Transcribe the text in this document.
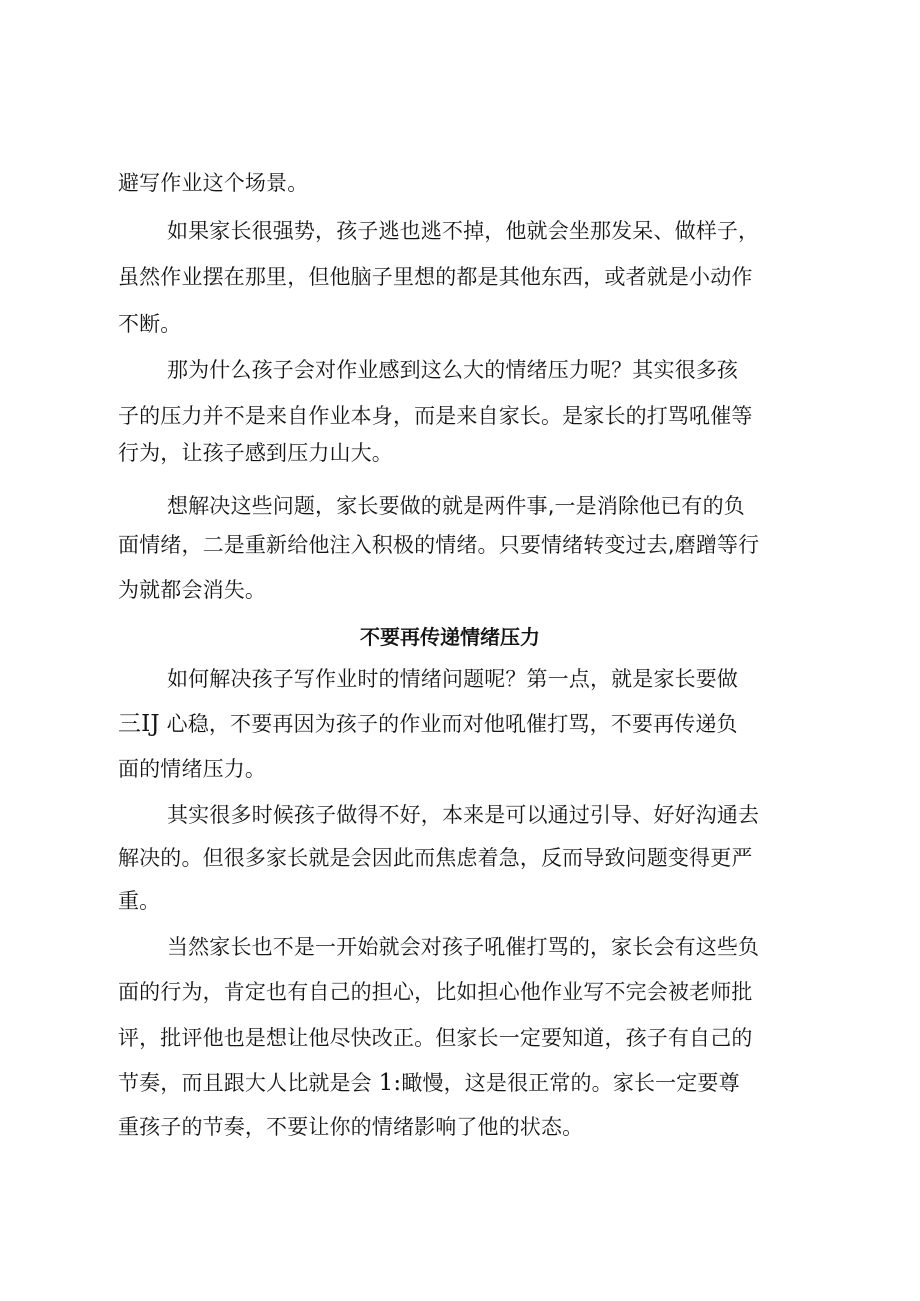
避写作业这个场景。
如果家长很强势，孩子逃也逃不掉，他就会坐那发呆、做样子，
虽然作业摆在那里，但他脑子里想的都是其他东西，或者就是小动作
不断。
那为什么孩子会对作业感到这么大的情绪压力呢？其实很多孩
子的压力并不是来自作业本身，而是来自家长。是家长的打骂吼催等
行为，让孩子感到压力山大。
想解决这些问题，家长要做的就是两件事,一是消除他已有的负
面情绪，二是重新给他注入积极的情绪。只要情绪转变过去,磨蹭等行
为就都会消失。
不要再传递情绪压力
如何解决孩子写作业时的情绪问题呢？第一点，就是家长要做
三IJ 心稳，不要再因为孩子的作业而对他吼催打骂，不要再传递负
面的情绪压力。
其实很多时候孩子做得不好，本来是可以通过引导、好好沟通去
解决的。但很多家长就是会因此而焦虑着急，反而导致问题变得更严
重。
当然家长也不是一开始就会对孩子吼催打骂的，家长会有这些负
面的行为，肯定也有自己的担心，比如担心他作业写不完会被老师批
评，批评他也是想让他尽快改正。但家长一定要知道，孩子有自己的
节奏，而且跟大人比就是会 1:瞰慢，这是很正常的。家长一定要尊
重孩子的节奏，不要让你的情绪影响了他的状态。
